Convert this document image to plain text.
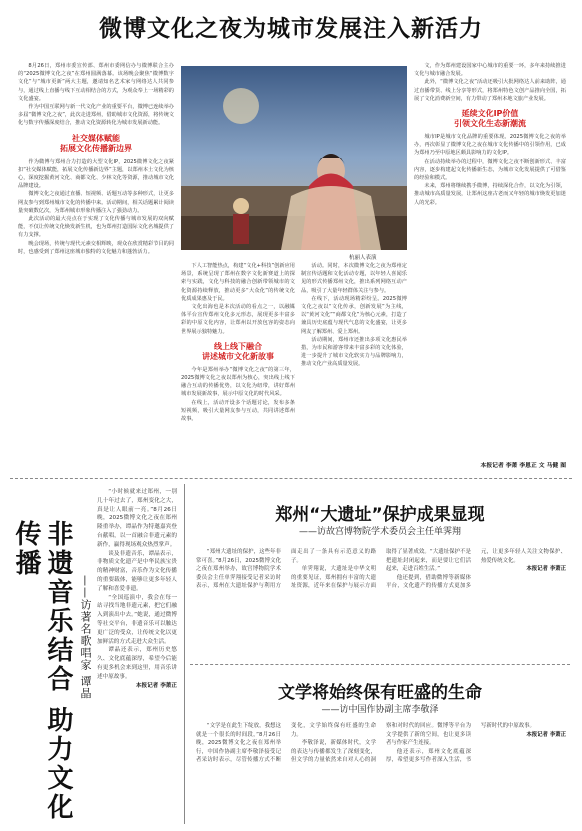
微博文化之夜为城市发展注入新活力

8月26日，郑州市委宣传部、郑州市委网信办与微博联合主办的“2025微博文化之夜”在郑州圆满落幕。该场晚会聚焦“微博数字文化”与“城市更新”两大主题，邀请知名艺术家与网络达人共同参与，通过线上直播与线下互动相结合的方式，为观众奉上一场精彩的文化盛宴。

作为中国互联网与新一代文化产业的重要平台，微博已连续举办多届“微博文化之夜”，此次走进郑州，借助城市文化资源，将传统文化与数字传播深度结合，推动文化资源转化为城市发展新动能。

社交媒体赋能
拓展文化传播新边界

作为微博与郑州合力打造的大型文化IP，2025微博文化之夜紧扣“社交媒体赋能，拓展文化传播新边界”主题，以郑州本土文化为核心，深度挖掘黄河文化、商都文化、少林文化等资源，推动城市文化品牌建设。

微博文化之夜通过直播、短视频、话题互动等多种形式，让更多网友参与到郑州城市文化的传播中来。活动期间，相关话题累计阅读量突破数亿次，为郑州城市形象传播注入了强劲动力。

此次活动的最大亮点在于实现了文化传播与城市发展的双向赋能，不仅让传统文化焕发新生机，也为郑州打造国际文化名城提供了有力支撑。

晚会现场，传统与现代元素交相辉映，观众在欣赏精彩节目的同时，也感受到了郑州这座城市独特的文化魅力和蓬勃活力。

杭丽人表演

下人工智能热点，构建“文化+科技”创新应用场景，系统呈现了郑州在数字文化新赛道上的探索与实践，文化与科技的融合创新带领城市的文化资源持续释放，推动更多“大众化”的传统文化优质成果惠及于民。

文化出海也是本次活动的看点之一，以融媒体平台宣传郑州文化多元形态，展现更多丰富多彩的中原文化内容，让郑州以开放包容的姿态向世界展示独特魅力。

线上线下融合
讲述城市文化新故事

今年是郑州举办“微博文化之夜”的第三年，2025微博文化之夜以郑州为核心，突出线上线下融合互动的传播优势，以文化为纽带，讲好郑州城市发展新故事，展示中原文化的时代风采。

在线上，活动开设多个话题讨论，发布多条短视频，吸引大量网友参与互动，共同讲述郑州故事。

活动。同时，本次微博文化之夜为郑州定制宣传话题和文化活动专题，以年轻人喜闻乐见的形式传播郑州文化，推出系列网络互动产品，吸引了大量年轻群体关注与参与。

在线下，活动现场精彩纷呈。2025微博文化之夜以“文化传承，创新发展”为主线，以“黄河文化”“商都文化”为核心元素，打造了兼具历史底蕴与现代气息的文化盛宴，让更多网友了解郑州、爱上郑州。

活动期间，郑州市还推出多项文化惠民举措，为市民和游客带来丰富多彩的文化体验，进一步提升了城市文化软实力与品牌影响力，推动文化产业高质量发展。

文，作为郑州建设国家中心城市的重要一环，多年来持续推进文化与城市融合发展。

此外，“微博文化之夜”活动还吸引大批网络达人前来助阵，通过直播带货、线上分享等形式，将郑州特色文创产品推向全国，拓展了文化消费新空间，有力带动了郑州本地文旅产业发展。

延续文化IP价值
引领文化生态新潮流

城市IP是城市文化品牌的重要体现。2025微博文化之夜的举办，再次彰显了微博文化之夜在城市文化传播中的引领作用，已成为郑州乃至中原地区颇具影响力的文化IP。

在活动持续举办的过程中，微博文化之夜不断创新形式、丰富内容，逐步构建起文化传播新生态，为城市文化发展提供了可借鉴的经验和模式。

未来，郑州将继续携手微博，持续深化合作，以文化为引领，推动城市高质量发展，让郑州这座古老而又年轻的城市焕发更加迷人的光彩。

本报记者 李萧 李恩正 文 马健 图
非遗音乐结合 助力文化传播
——访著名歌唱家 谭晶

“小时候就来过郑州，一别几十年过去了，郑州变化之大，真是让人眼前一亮。”8月26日晚，2025微博文化之夜在郑州隆重举办，谭晶作为特邀嘉宾登台献唱，以一首融合非遗元素的新作，赢得现场观众热烈掌声。

谈及非遗音乐，谭晶表示，非物质文化遗产是中华民族宝贵的精神财富，音乐作为文化传播的重要载体，能够让更多年轻人了解和喜爱非遗。

“全国巡演中，我会在每一站寻找当地非遗元素，把它们融入到演出中去。”她说，通过微博等社交平台，非遗音乐可以触达更广泛的受众，让传统文化以更加鲜活的方式走进大众生活。

谭晶还表示，郑州历史悠久、文化底蕴深厚，希望今后能有更多机会来到这里，用音乐讲述中原故事。

本报记者 李萧正
郑州“大遗址”保护成果显现
——访故宫博物院学术委员会主任单霁翔

“郑州大遗址的保护，这些年非常可喜。”8月26日，2025微博文化之夜在郑州举办，故宫博物院学术委员会主任单霁翔接受记者采访时表示，郑州在大遗址保护与利用方面走出了一条具有示范意义的路子。

单霁翔说，大遗址是中华文明的重要见证，郑州拥有丰富的大遗址资源，近年来在保护与展示方面取得了显著成效。“大遗址保护不是把遗址封闭起来，而是要让它们活起来，走进百姓生活。”

他还提到，借助微博等新媒体平台，文化遗产的传播方式更加多元，让更多年轻人关注文物保护、热爱传统文化。

本报记者 李萧正
文学将始终保有旺盛的生命
——访中国作协副主席李敬泽

“文学是在此生下绽放，我想这就是一个很长的时间段，”8月26日晚，2025微博文化之夜在郑州举行，中国作协副主席李敬泽接受记者采访时表示，尽管传播方式不断变化，文学始终保有旺盛的生命力。

李敬泽说，新媒体时代，文学的表达与传播都发生了深刻变化，但文学的力量依然来自对人心的洞察和对时代的回应。微博等平台为文学提供了新的空间，也让更多读者与作家产生连接。

他还表示，郑州文化底蕴深厚，希望更多写作者深入生活，书写新时代的中原故事。

本报记者 李萧正
